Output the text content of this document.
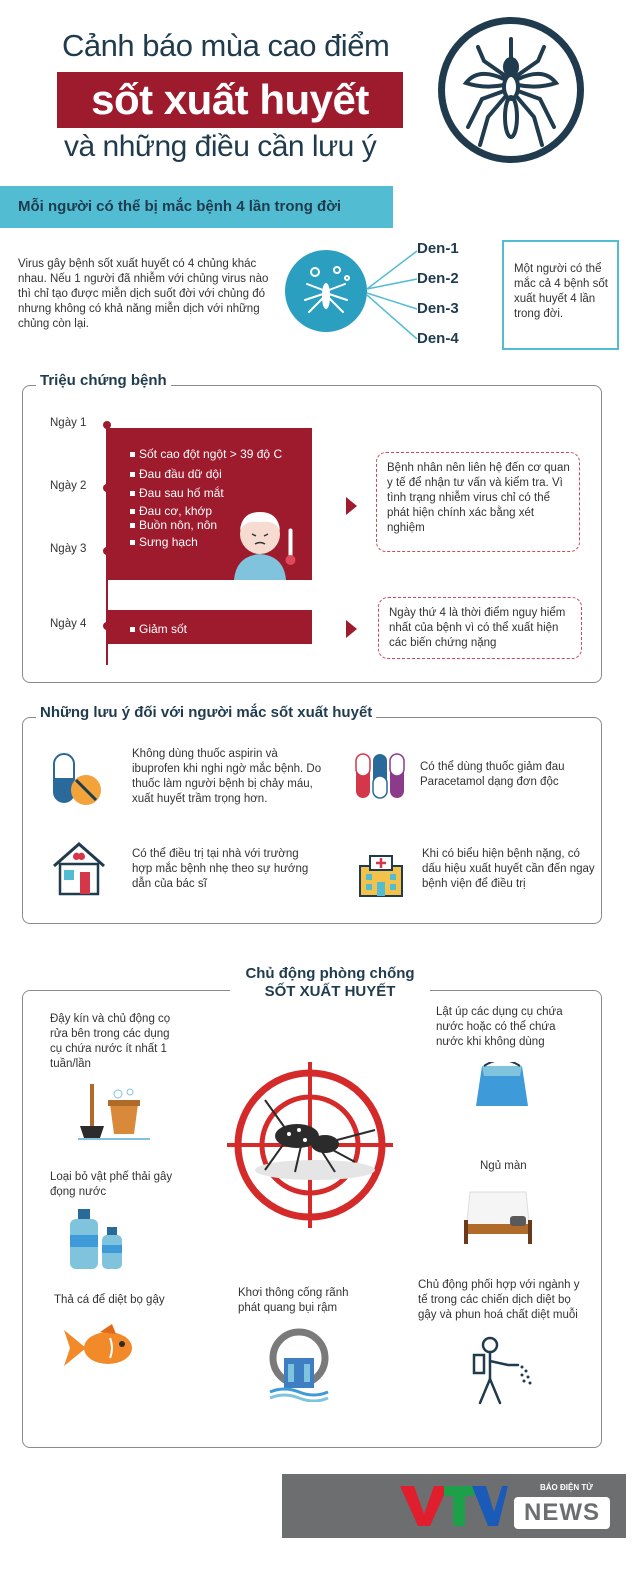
Cảnh báo mùa cao điểm
sốt xuất huyết
và những điều cần lưu ý
Mỗi người có thể bị mắc bệnh 4 lần trong đời
Virus gây bệnh sốt xuất huyết có 4 chủng khác nhau. Nếu 1 người đã nhiễm với chủng virus nào thì chỉ tạo được miễn dịch suốt đời với chủng đó nhưng không có khả năng miễn dịch với những chủng còn lại.
Den-1
Den-2
Den-3
Den-4
Một người có thể mắc cả 4 bệnh sốt xuất huyết 4 lần trong đời.
Triệu chứng bệnh
Ngày 1
Ngày 2
Ngày 3
Ngày 4
Sốt cao đột ngột > 39 độ C
Đau đầu dữ dội
Đau sau hố mắt
Đau cơ, khớp
Buồn nôn, nôn
Sưng hạch
Giảm sốt
Bệnh nhân nên liên hệ đến cơ quan y tế để nhận tư vấn và kiểm tra. Vì tình trạng nhiễm virus chỉ có thể phát hiện chính xác bằng xét nghiệm
Ngày thứ 4 là thời điểm nguy hiểm nhất của bệnh vì có thể xuất hiện các biến chứng nặng
Những lưu ý đối với người mắc sốt xuất huyết
Không dùng thuốc aspirin và ibuprofen khi nghi ngờ mắc bệnh. Do thuốc làm người bệnh bị chảy máu, xuất huyết trầm trọng hơn.
Có thể dùng thuốc giảm đau Paracetamol dạng đơn độc
Có thể điều trị tại nhà với trường hợp mắc bệnh nhẹ theo sự hướng dẫn của bác sĩ
Khi có biểu hiện bệnh nặng, có dấu hiệu xuất huyết cần đến ngay bệnh viện để điều trị
Chủ động phòng chống
SỐT XUẤT HUYẾT
Đậy kín và chủ động cọ rửa bên trong các dụng cụ chứa nước ít nhất 1 tuần/lần
Lật úp các dụng cụ chứa nước hoặc có thể chứa nước khi không dùng
Ngủ màn
Loại bỏ vật phế thải gây đọng nước
Thả cá để diệt bọ gậy
Khơi thông cống rãnh phát quang bụi rậm
Chủ động phối hợp với ngành y tế trong các chiến dịch diệt bọ gậy và phun hoá chất diệt muỗi
BÁO ĐIỆN TỬ
NEWS
